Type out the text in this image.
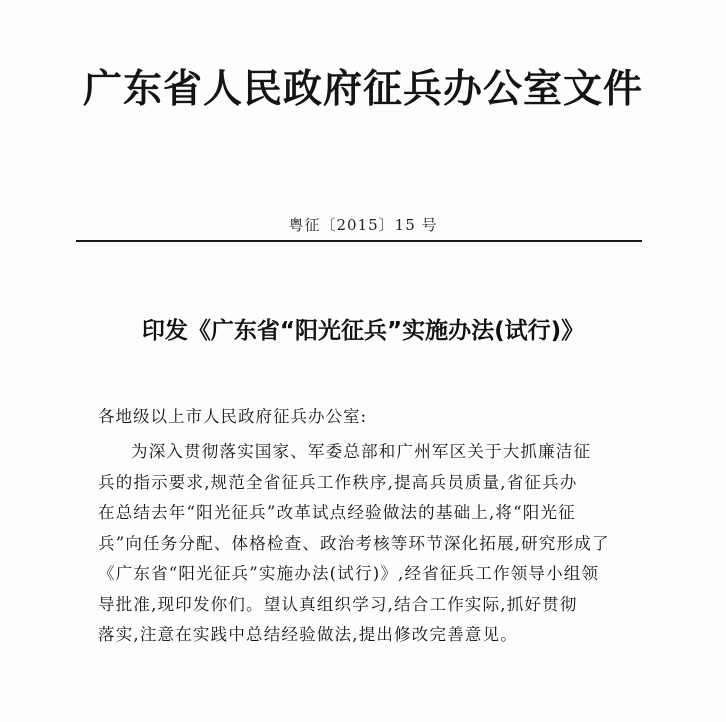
广东省人民政府征兵办公室文件
粤征〔2015〕15 号
印发《广东省“阳光征兵”实施办法(试行)》
各地级以上市人民政府征兵办公室:
为深入贯彻落实国家、军委总部和广州军区关于大抓廉洁征
兵的指示要求,规范全省征兵工作秩序,提高兵员质量,省征兵办
在总结去年“阳光征兵”改革试点经验做法的基础上,将“阳光征
兵”向任务分配、体格检查、政治考核等环节深化拓展,研究形成了
《广东省“阳光征兵”实施办法(试行)》,经省征兵工作领导小组领
导批准,现印发你们。望认真组织学习,结合工作实际,抓好贯彻
落实,注意在实践中总结经验做法,提出修改完善意见。
